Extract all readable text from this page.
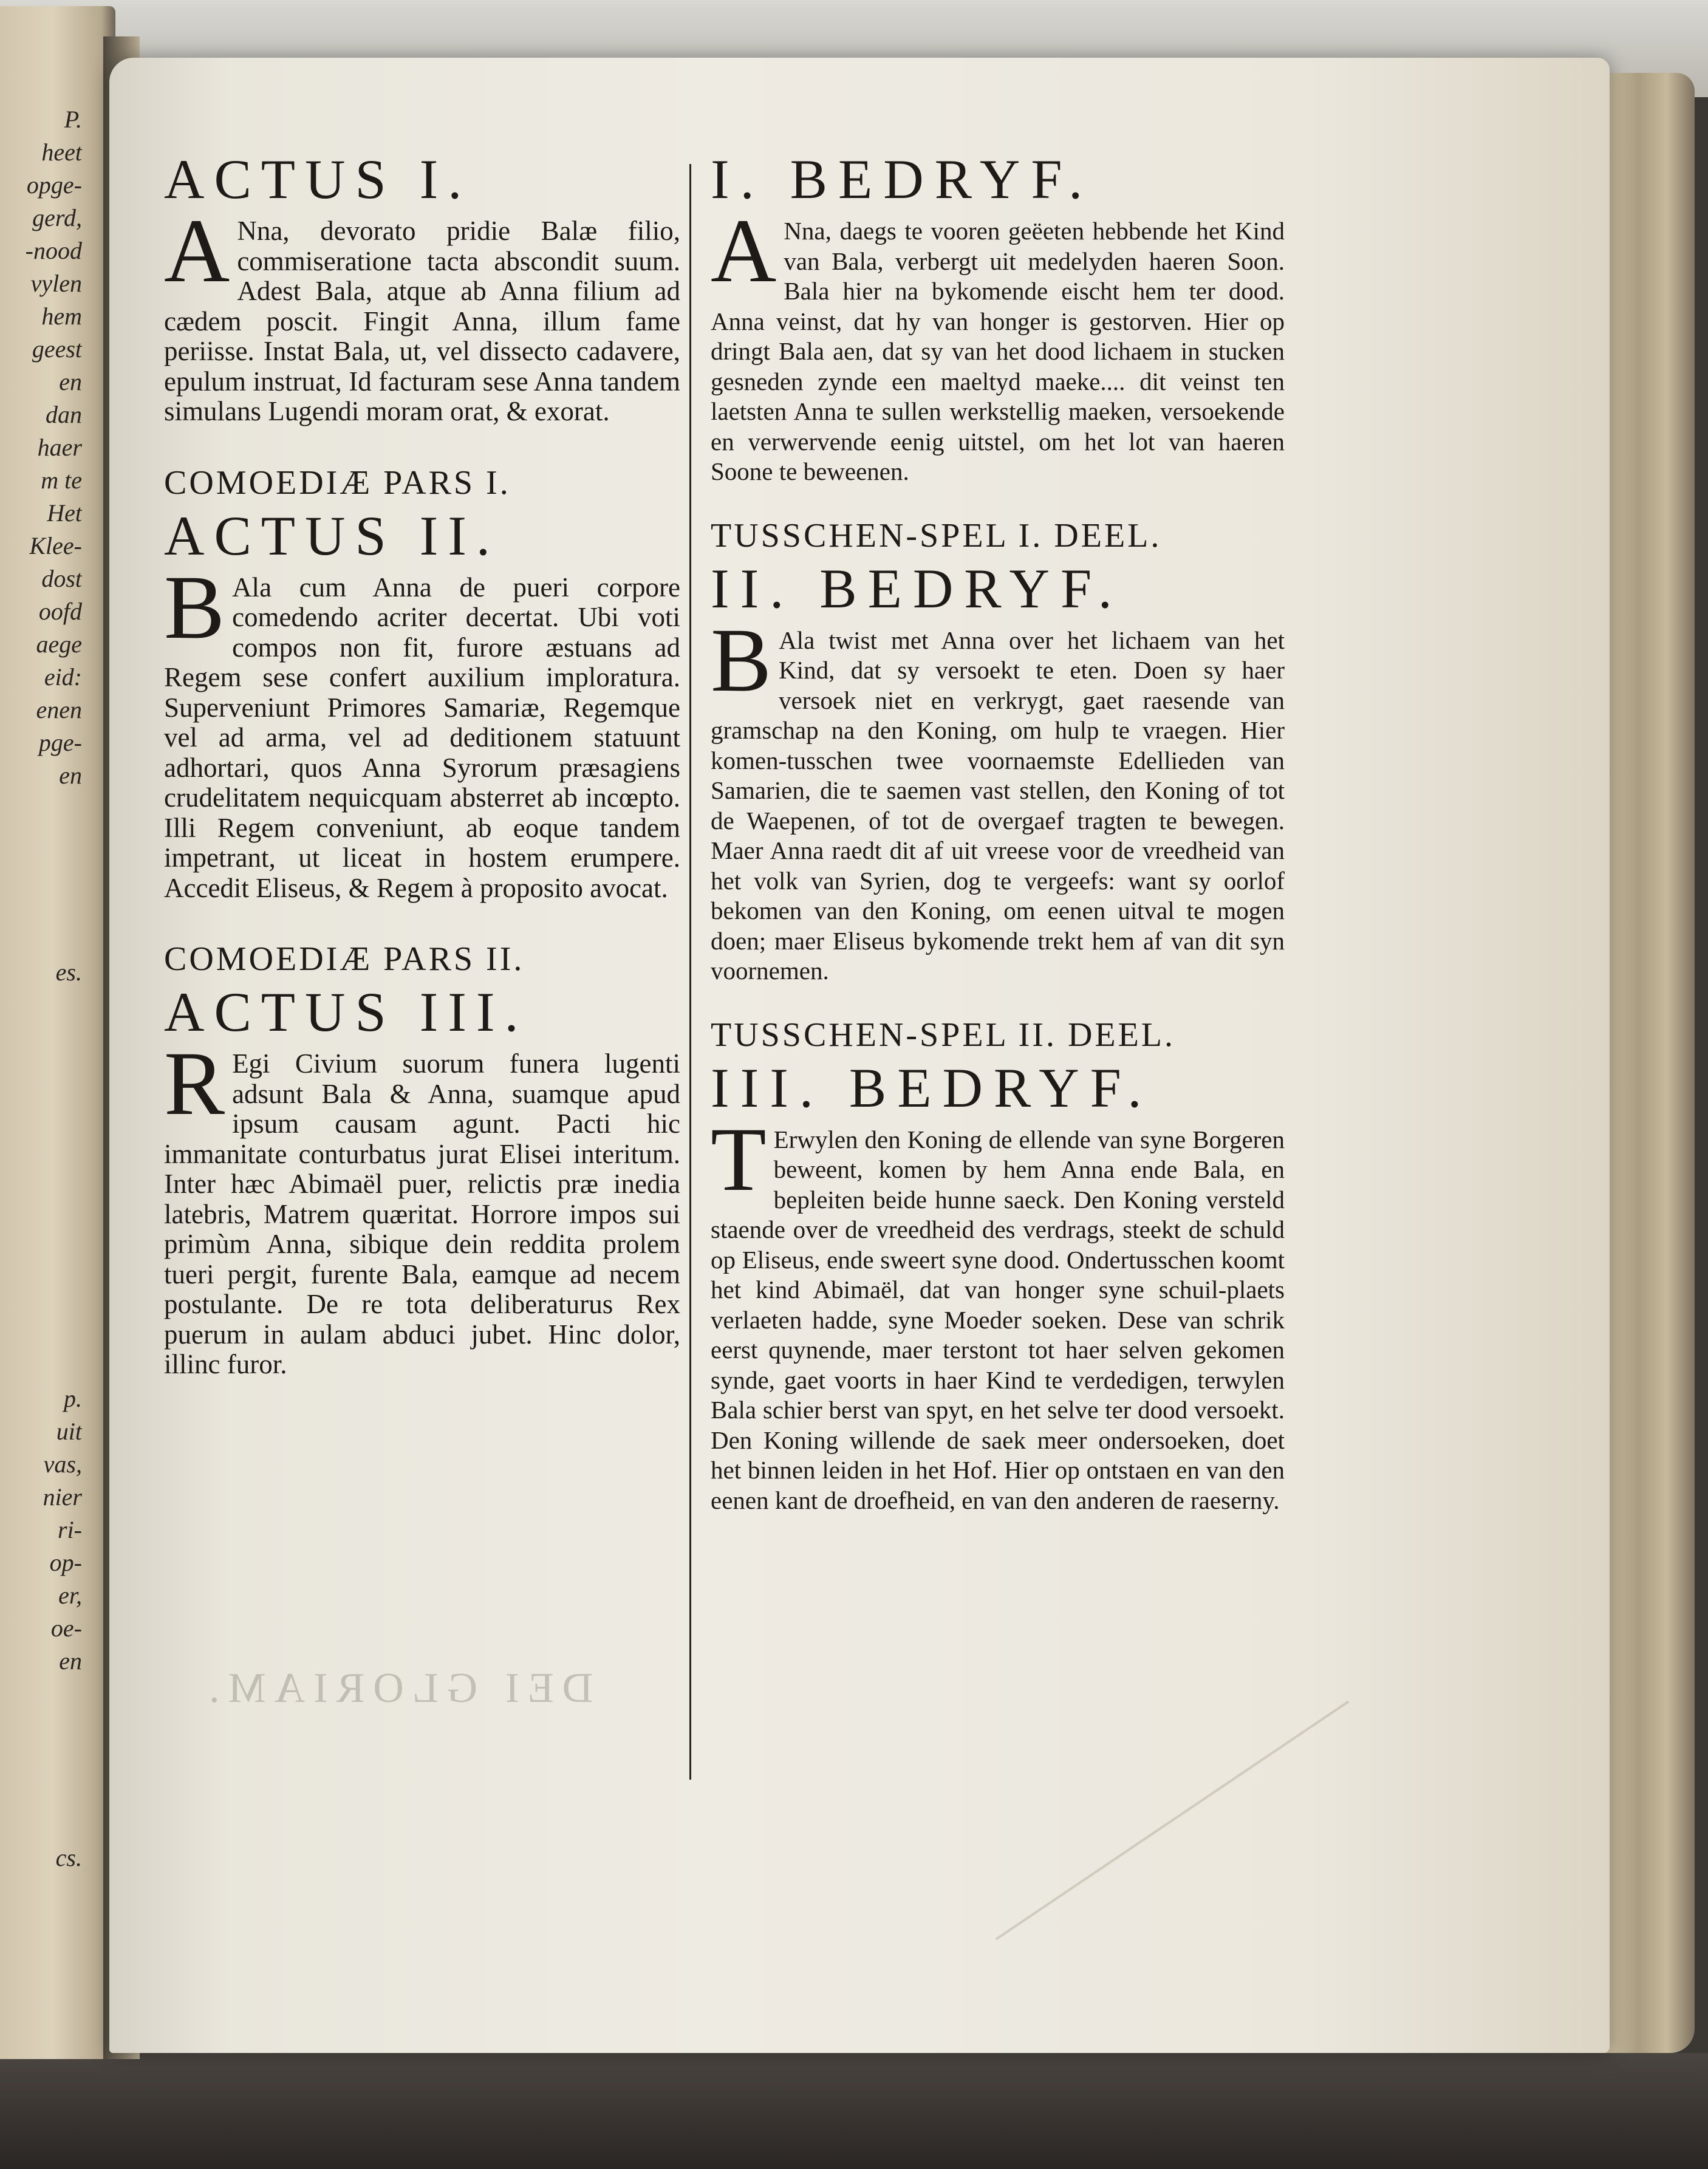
P.
heet
opge-
gerd,
-nood
vylen
hem
geest
en
dan
haer
m te
Het
Klee-
dost
oofd
aege
eid:
enen
pge-
en
es.
p.
uit
vas,
nier
ri-
op-
er,
oe-
en
cs.
DEI GLORIAM.
ACTUS I.
A Nna, devorato pridie Balæ filio, commiseratione tacta abscondit suum. Adest Bala, atque ab Anna filium ad cædem poscit. Fingit Anna, illum fame periisse. Instat Bala, ut, vel dissecto cadavere, epulum instruat, Id facturam sese Anna tandem simulans Lugendi moram orat, & exorat.
COMOEDIÆ PARS I.
ACTUS II.
B Ala cum Anna de pueri corpore comedendo acriter decertat. Ubi voti compos non fit, furore æstuans ad Regem sese confert auxilium imploratura. Superveniunt Primores Samariæ, Regemque vel ad arma, vel ad deditionem statuunt adhortari, quos Anna Syrorum præsagiens crudelitatem nequicquam absterret ab incœpto. Illi Regem conveniunt, ab eoque tandem impetrant, ut liceat in hostem erumpere. Accedit Eliseus, & Regem à proposito avocat.
COMOEDIÆ PARS II.
ACTUS III.
R Egi Civium suorum funera lugenti adsunt Bala & Anna, suamque apud ipsum causam agunt. Pacti hic immanitate conturbatus jurat Elisei interitum. Inter hæc Abimaël puer, relictis præ inedia latebris, Matrem quæritat. Horrore impos sui primùm Anna, sibique dein reddita prolem tueri pergit, furente Bala, eamque ad necem postulante. De re tota deliberaturus Rex puerum in aulam abduci jubet. Hinc dolor, illinc furor.
I. BEDRYF.
A Nna, daegs te vooren geëeten hebbende het Kind van Bala, verbergt uit medelyden haeren Soon. Bala hier na bykomende eischt hem ter dood. Anna veinst, dat hy van honger is gestorven. Hier op dringt Bala aen, dat sy van het dood lichaem in stucken gesneden zynde een maeltyd maeke.... dit veinst ten laetsten Anna te sullen werkstellig maeken, versoekende en verwervende eenig uitstel, om het lot van haeren Soone te beweenen.
TUSSCHEN-SPEL I. DEEL.
II. BEDRYF.
B Ala twist met Anna over het lichaem van het Kind, dat sy versoekt te eten. Doen sy haer versoek niet en verkrygt, gaet raesende van gramschap na den Koning, om hulp te vraegen. Hier komen-tusschen twee voornaemste Edellieden van Samarien, die te saemen vast stellen, den Koning of tot de Waepenen, of tot de overgaef tragten te bewegen. Maer Anna raedt dit af uit vreese voor de vreedheid van het volk van Syrien, dog te vergeefs: want sy oorlof bekomen van den Koning, om eenen uitval te mogen doen; maer Eliseus bykomende trekt hem af van dit syn voornemen.
TUSSCHEN-SPEL II. DEEL.
III. BEDRYF.
T Erwylen den Koning de ellende van syne Borgeren beweent, komen by hem Anna ende Bala, en bepleiten beide hunne saeck. Den Koning versteld staende over de vreedheid des verdrags, steekt de schuld op Eliseus, ende sweert syne dood. Ondertusschen koomt het kind Abimaël, dat van honger syne schuil-plaets verlaeten hadde, syne Moeder soeken. Dese van schrik eerst quynende, maer terstont tot haer selven gekomen synde, gaet voorts in haer Kind te verdedigen, terwylen Bala schier berst van spyt, en het selve ter dood versoekt. Den Koning willende de saek meer ondersoeken, doet het binnen leiden in het Hof. Hier op ontstaen en van den eenen kant de droefheid, en van den anderen de raeserny.
